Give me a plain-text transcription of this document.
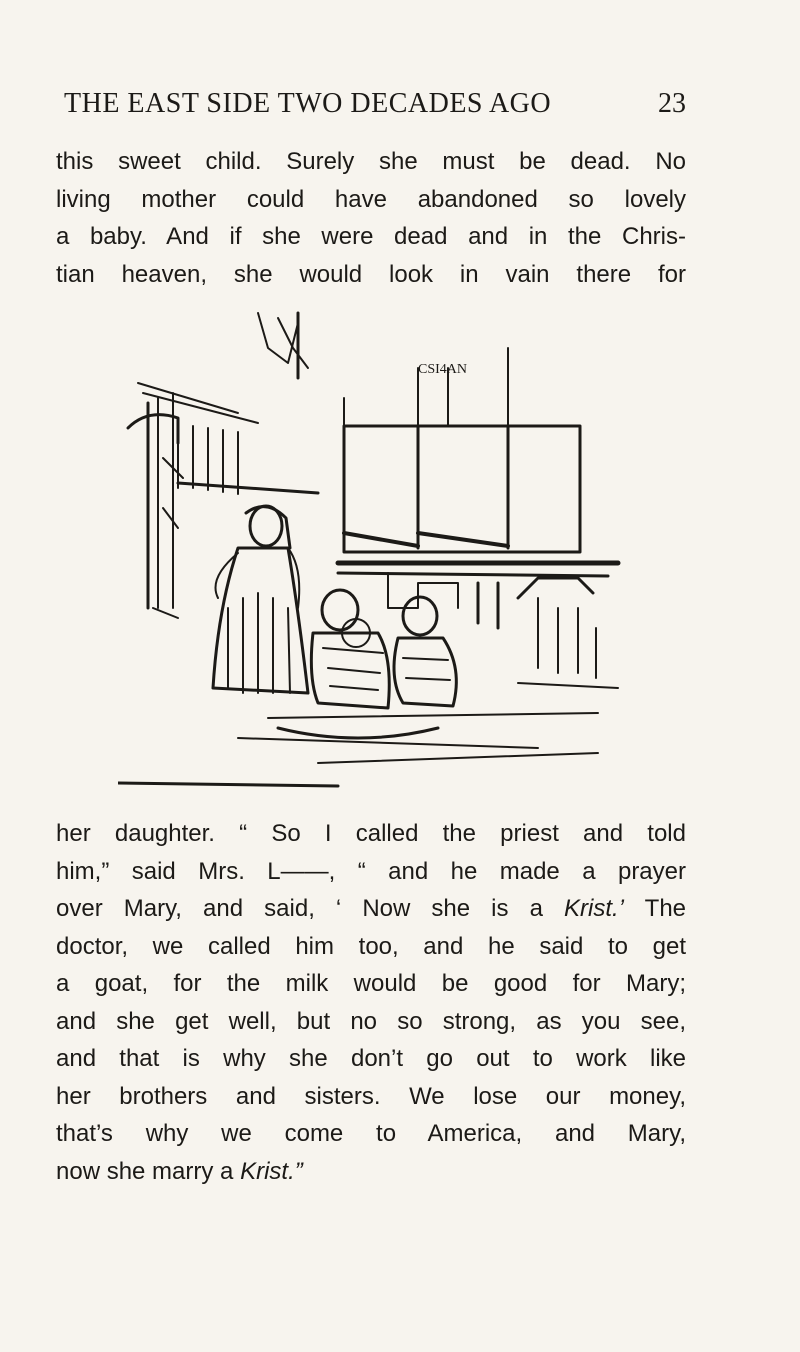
THE EAST SIDE TWO DECADES AGO	23
this sweet child. Surely she must be dead. No
living mother could have abandoned so lovely
a baby. And if she were dead and in the Chris-
tian heaven, she would look in vain there for
CSI4AN
her daughter. “ So I called the priest and told
him,” said Mrs. L——, “ and he made a prayer
over Mary, and said, ‘ Now she is a Krist.’ The
doctor, we called him too, and he said to get
a goat, for the milk would be good for Mary;
and she get well, but no so strong, as you see,
and that is why she don’t go out to work like
her brothers and sisters. We lose our money,
that’s why we come to America, and Mary,
now she marry a Krist.”
